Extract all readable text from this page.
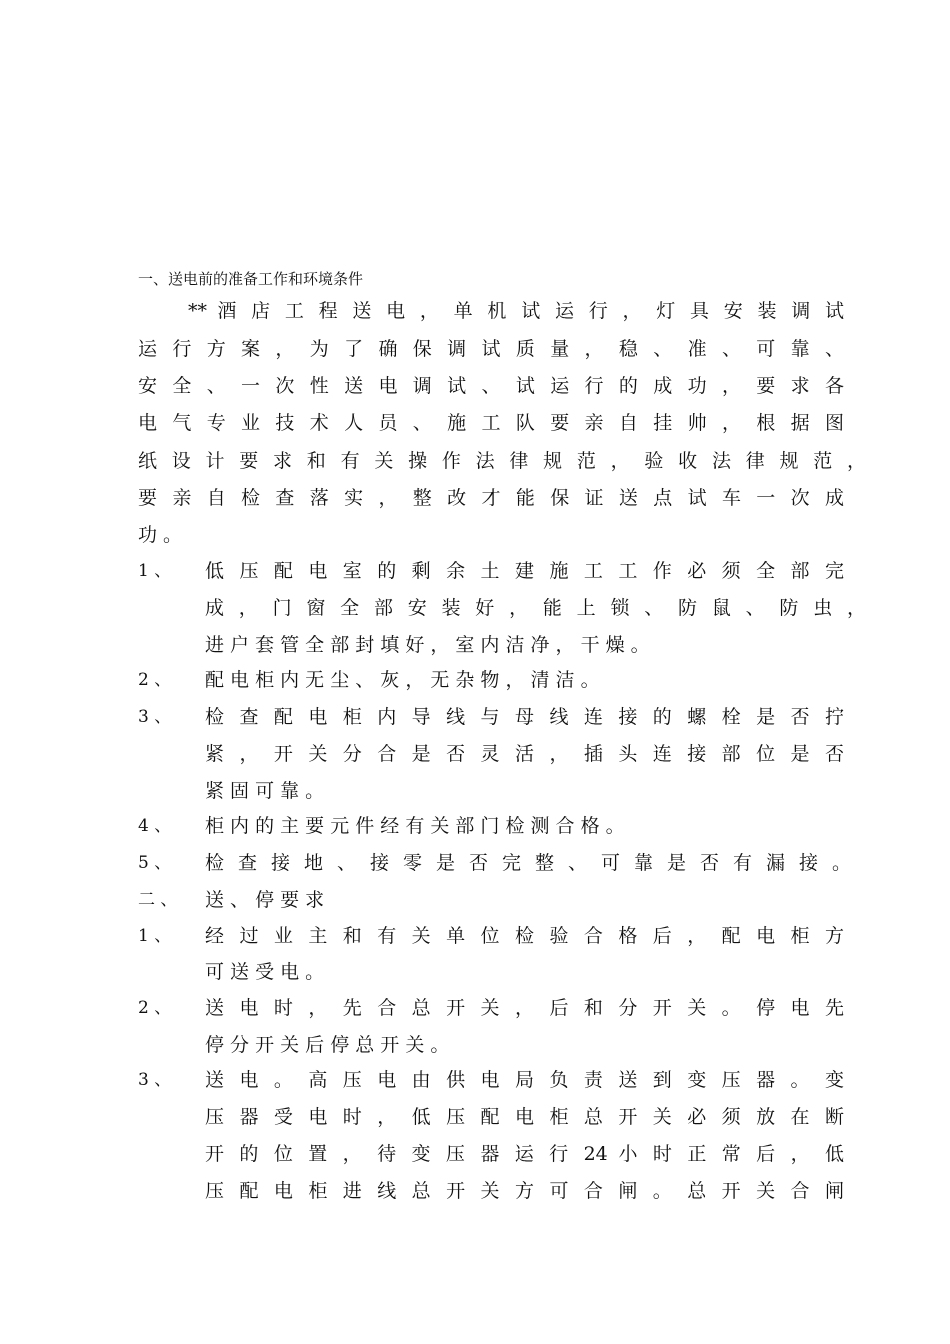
一、送电前的准备工作和环境条件
** 酒 店 工 程 送 电 ， 单 机 试 运 行 ， 灯 具 安 装 调 试
运 行 方 案 ， 为 了 确 保 调 试 质 量 ， 稳 、 准 、 可 靠 、
安 全 、 一 次 性 送 电 调 试 、 试 运 行 的 成 功 ， 要 求 各
电 气 专 业 技 术 人 员 、 施 工 队 要 亲 自 挂 帅 ， 根 据 图
纸 设 计 要 求 和 有 关 操 作 法 律 规 范 ， 验 收 法 律 规 范 ，
要 亲 自 检 查 落 实 ， 整 改 才 能 保 证 送 点 试 车 一 次 成
功 。
1 、 低 压 配 电 室 的 剩 余 土 建 施 工 工 作 必 须 全 部 完
成 ， 门 窗 全 部 安 装 好 ， 能 上 锁 、 防 鼠 、 防 虫 ，
进 户 套 管 全 部 封 填 好 ， 室 内 洁 净 ， 干 燥 。
2 、 配 电 柜 内 无 尘 、 灰 ， 无 杂 物 ， 清 洁 。
3 、 检 查 配 电 柜 内 导 线 与 母 线 连 接 的 螺 栓 是 否 拧
紧 ， 开 关 分 合 是 否 灵 活 ， 插 头 连 接 部 位 是 否
紧 固 可 靠 。
4 、 柜 内 的 主 要 元 件 经 有 关 部 门 检 测 合 格 。
5 、 检 查 接 地 、 接 零 是 否 完 整 、 可 靠 是 否 有 漏 接 。
二 、 送 、 停 要 求
1 、 经 过 业 主 和 有 关 单 位 检 验 合 格 后 ， 配 电 柜 方
可 送 受 电 。
2 、 送 电 时 ， 先 合 总 开 关 ， 后 和 分 开 关 。 停 电 先
停 分 开 关 后 停 总 开 关 。
3 、 送 电 。 高 压 电 由 供 电 局 负 责 送 到 变 压 器 。 变
压 器 受 电 时 ， 低 压 配 电 柜 总 开 关 必 须 放 在 断
开 的 位 置 ， 待 变 压 器 运 行 24 小 时 正 常 后 ， 低
压 配 电 柜 进 线 总 开 关 方 可 合 闸 。 总 开 关 合 闸
